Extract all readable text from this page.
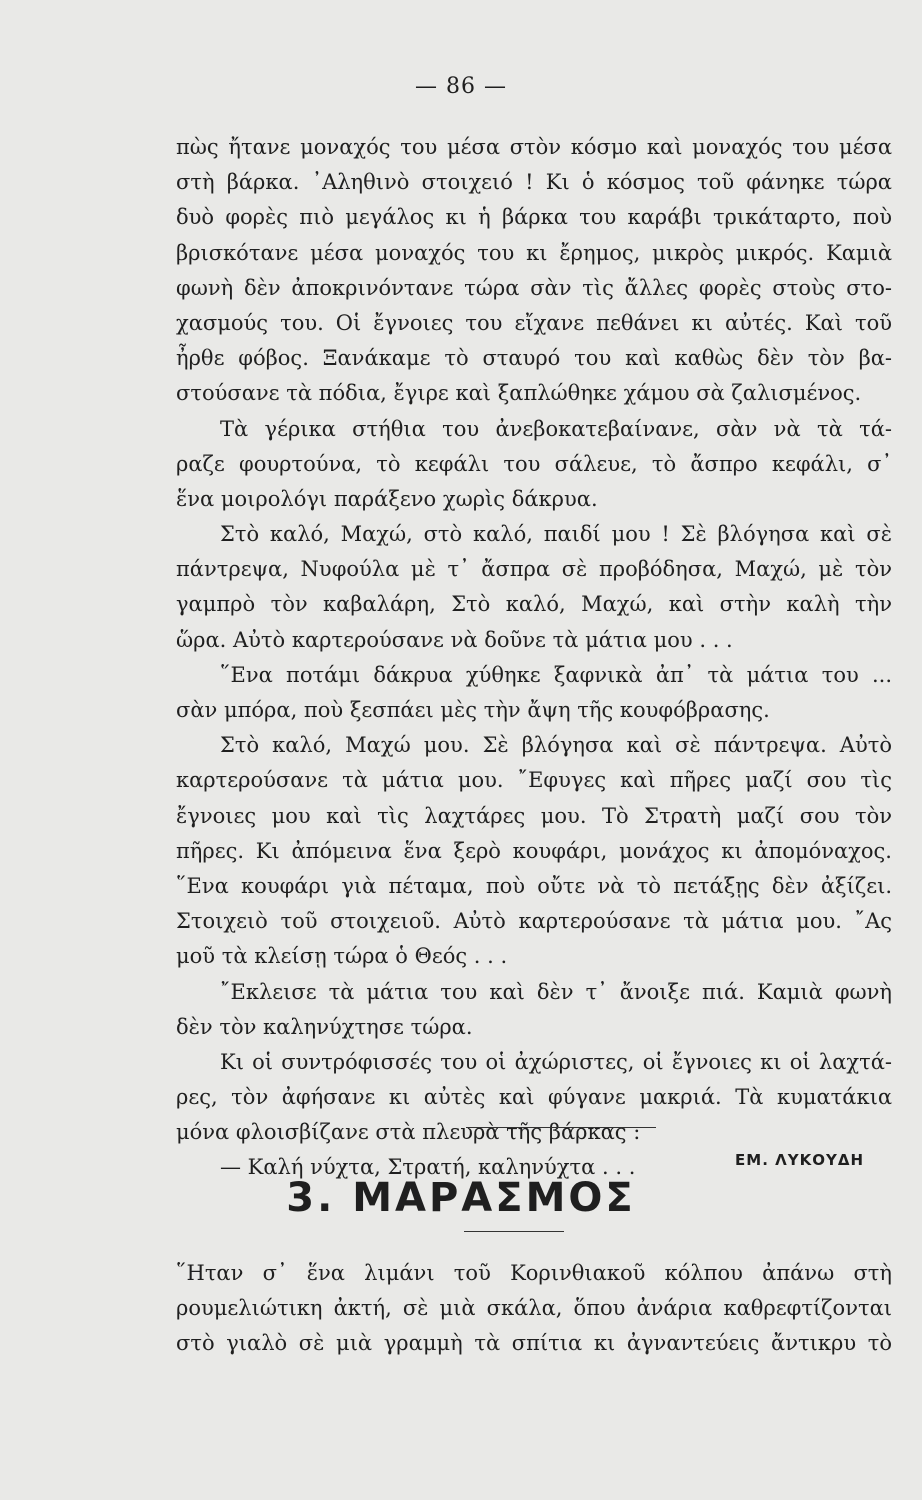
— 86 —
πὼς ἤτανε μοναχός του μέσα στὸν κόσμο καὶ μοναχός του μέσα
στὴ βάρκα. ᾿Αληθινὸ στοιχειό ! Κι ὁ κόσμος τοῦ φάνηκε τώρα
δυὸ φορὲς πιὸ μεγάλος κι ἡ βάρκα του καράβι τρικάταρτο, ποὺ
βρισκότανε μέσα μοναχός του κι ἔρημος, μικρὸς μικρός. Καμιὰ
φωνὴ δὲν ἀποκρινόντανε τώρα σὰν τὶς ἄλλες φορὲς στοὺς στο-
χασμούς του. Οἱ ἔγνοιες του εἴχανε πεθάνει κι αὐτές. Καὶ τοῦ
ἦρθε φόβος. Ξανάκαμε τὸ σταυρό του καὶ καθὼς δὲν τὸν βα-
στούσανε τὰ πόδια, ἔγιρε καὶ ξαπλώθηκε χάμου σὰ ζαλισμένος.
Τὰ γέρικα στήθια του ἀνεβοκατεβαίνανε, σὰν νὰ τὰ τά-
ραζε φουρτούνα, τὸ κεφάλι του σάλευε, τὸ ἄσπρο κεφάλι, σ᾿
ἕνα μοιρολόγι παράξενο χωρὶς δάκρυα.
Στὸ καλό, Μαχώ, στὸ καλό, παιδί μου ! Σὲ βλόγησα καὶ σὲ
πάντρεψα, Νυφούλα μὲ τ᾿ ἄσπρα σὲ προβόδησα, Μαχώ, μὲ τὸν
γαμπρὸ τὸν καβαλάρη, Στὸ καλό, Μαχώ, καὶ στὴν καλὴ τὴν
ὥρα. Αὐτὸ καρτερούσανε νὰ δοῦνε τὰ μάτια μου . . .
῞Ενα ποτάμι δάκρυα χύθηκε ξαφνικὰ ἀπ᾿ τὰ μάτια του ...
σὰν μπόρα, ποὺ ξεσπάει μὲς τὴν ἄψη τῆς κουφόβρασης.
Στὸ καλό, Μαχώ μου. Σὲ βλόγησα καὶ σὲ πάντρεψα. Αὐτὸ
καρτερούσανε τὰ μάτια μου. ῎Εφυγες καὶ πῆρες μαζί σου τὶς
ἔγνοιες μου καὶ τὶς λαχτάρες μου. Τὸ Στρατὴ μαζί σου τὸν
πῆρες. Κι ἀπόμεινα ἕνα ξερὸ κουφάρι, μονάχος κι ἀπομόναχος.
῞Ενα κουφάρι γιὰ πέταμα, ποὺ οὔτε νὰ τὸ πετάξῃς δὲν ἀξίζει.
Στοιχειὸ τοῦ στοιχειοῦ. Αὐτὸ καρτερούσανε τὰ μάτια μου. ῎Ας
μοῦ τὰ κλείσῃ τώρα ὁ Θεός . . .
῎Εκλεισε τὰ μάτια του καὶ δὲν τ᾿ ἄνοιξε πιά. Καμιὰ φωνὴ
δὲν τὸν καληνύχτησε τώρα.
Κι οἱ συντρόφισσές του οἱ ἀχώριστες, οἱ ἔγνοιες κι οἱ λαχτά-
ρες, τὸν ἀφήσανε κι αὐτὲς καὶ φύγανε μακριά. Τὰ κυματάκια
μόνα φλοισβίζανε στὰ πλευρὰ τῆς βάρκας :
— Καλή νύχτα, Στρατή, καληνύχτα . . .	ΕΜ. ΛΥΚΟΥΔΗ
3. ΜΑΡΑΣΜΟΣ
῞Ηταν σ᾿ ἕνα λιμάνι τοῦ Κορινθιακοῦ κόλπου ἀπάνω στὴ
ρουμελιώτικη ἀκτή, σὲ μιὰ σκάλα, ὅπου ἀνάρια καθρεφτίζονται
στὸ γιαλὸ σὲ μιὰ γραμμὴ τὰ σπίτια κι ἀγναντεύεις ἄντικρυ τὸ
